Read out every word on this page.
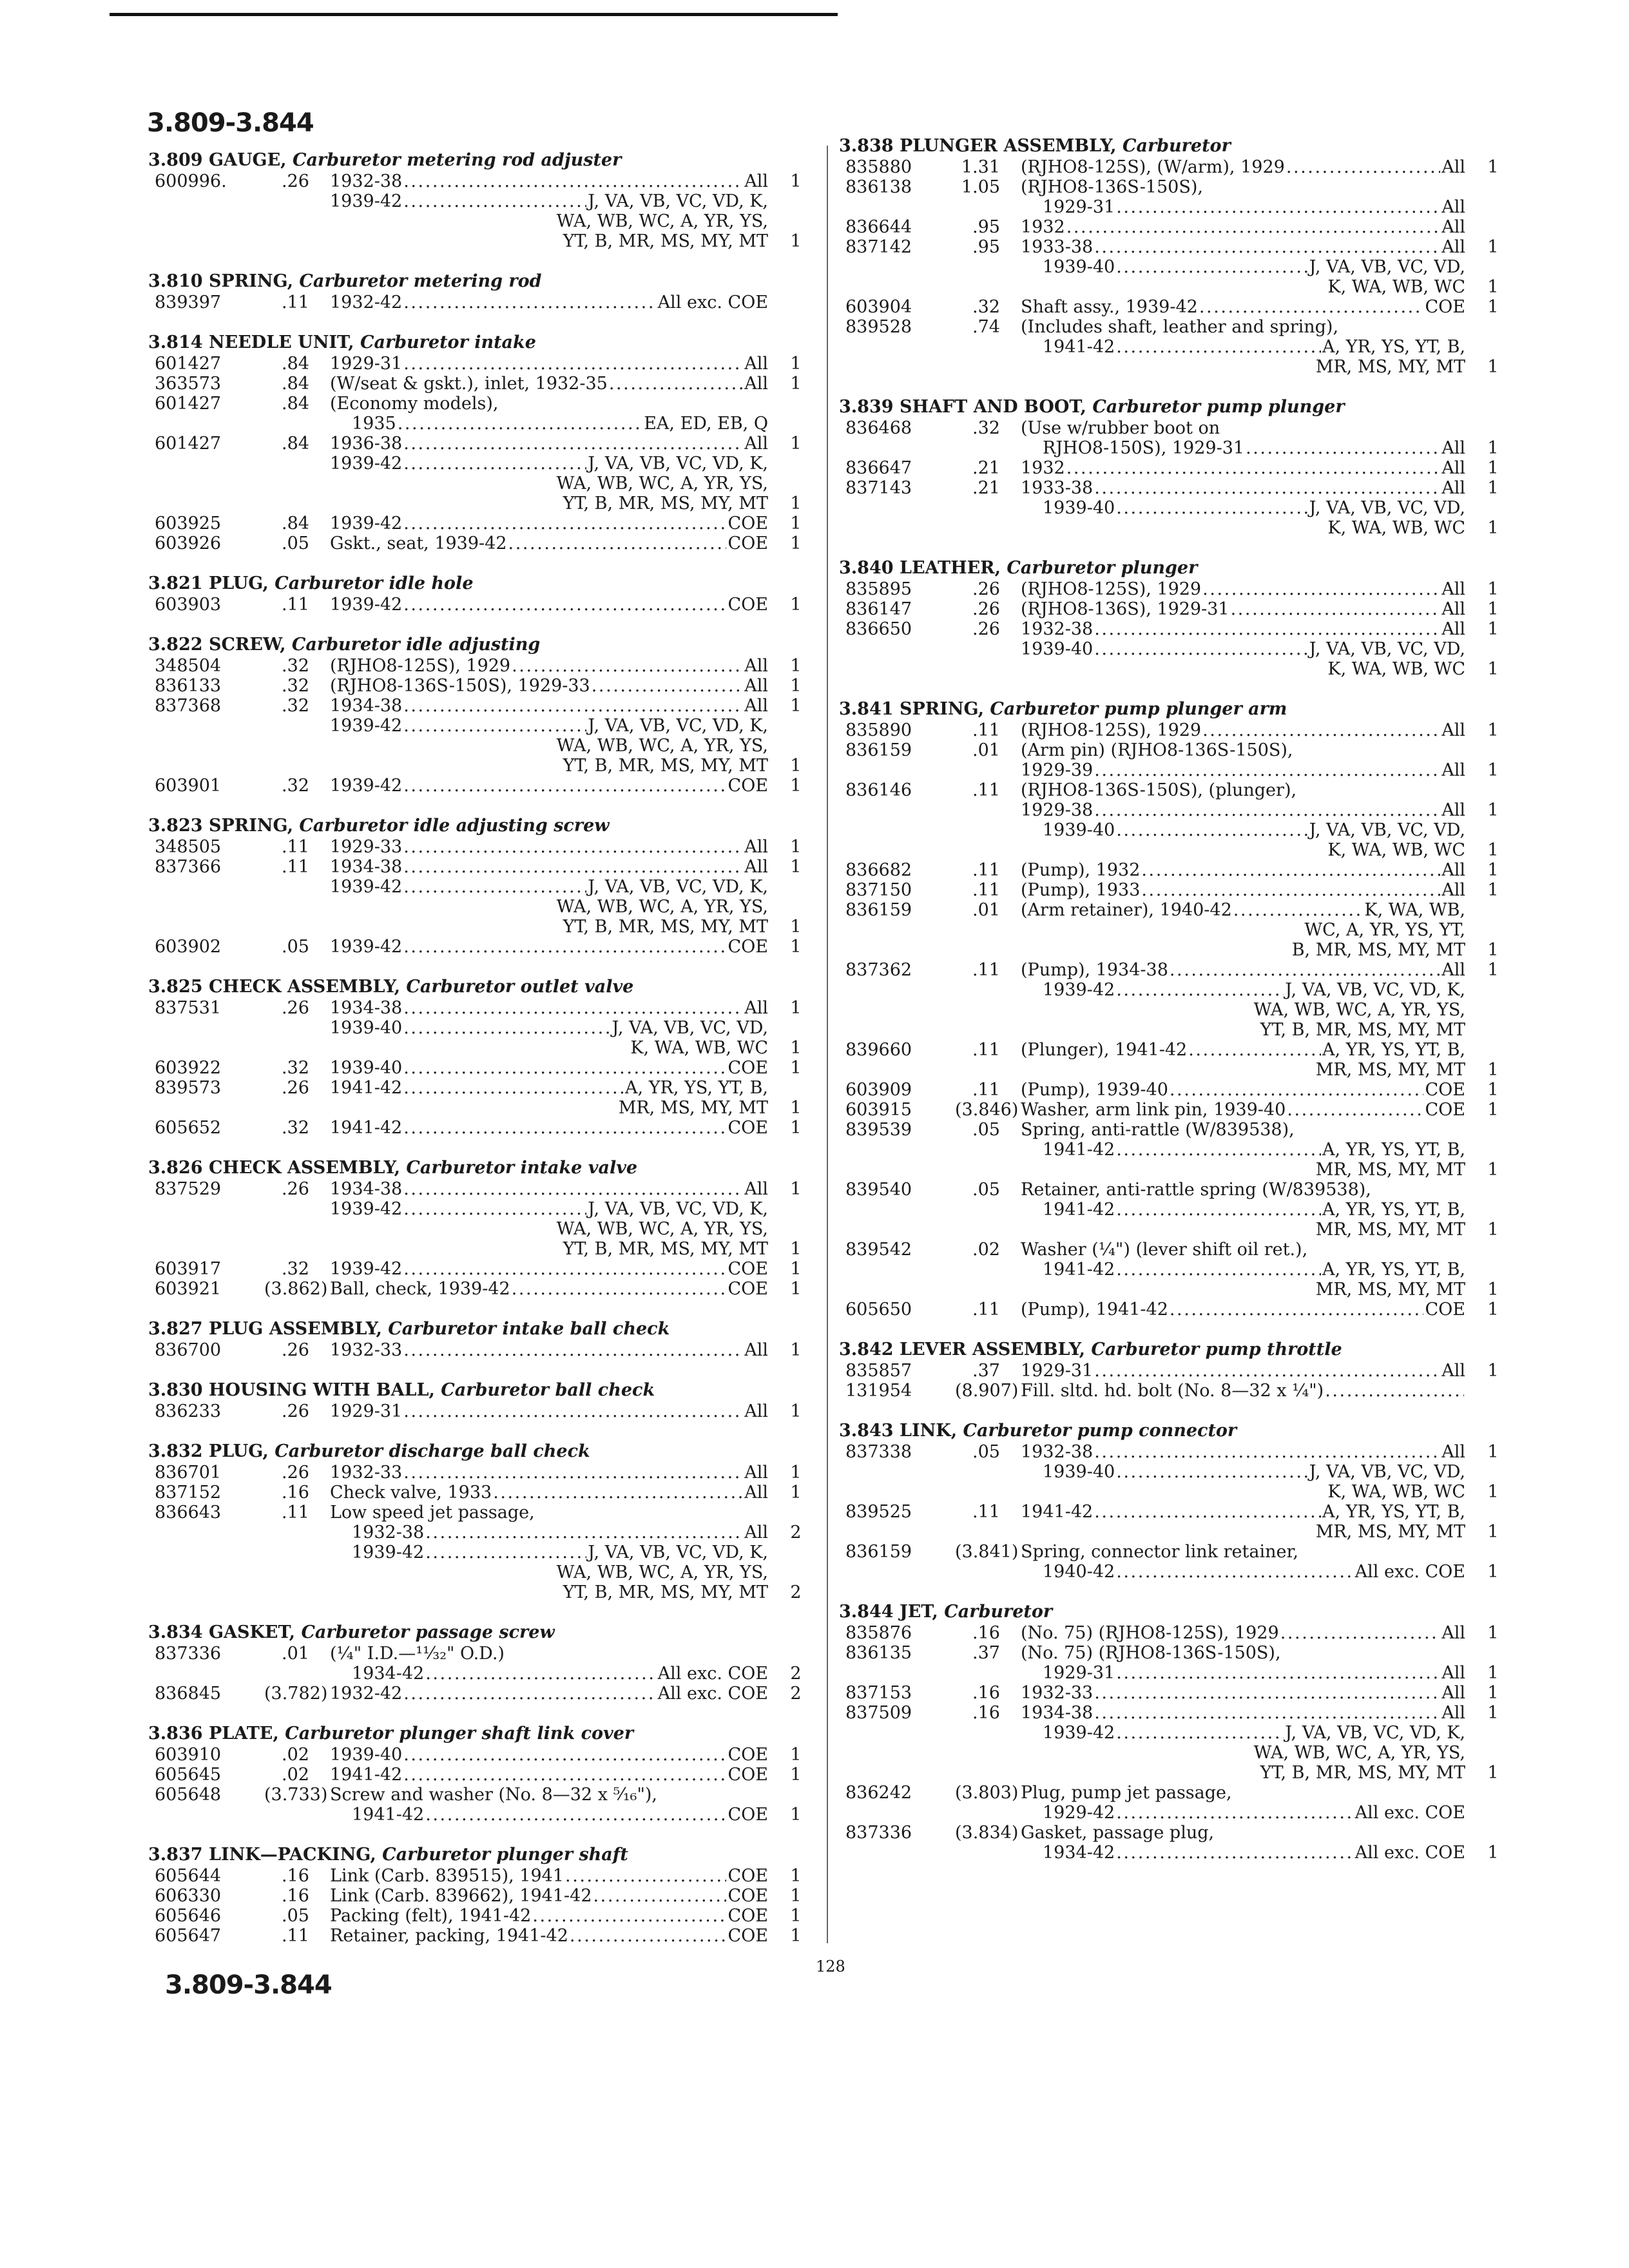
3.809-3.844
3.809 GAUGE, Carburetor metering rod adjuster
600996.	.26 1932-38 . . .	All 1
1939-42 . . .	J, VA, VB, VC, VD, K,
WA, WB, WC, A, YR, YS,
YT, B, MR, MS, MY, MT 1
3.810 SPRING, Carburetor metering rod
839397	.11 1932-42 . . .	All exc. COE
3.814 NEEDLE UNIT, Carburetor intake
601427	.84 1929-31 . . .	All 1
363573	.84 (W/seat & gskt.), inlet, 1932-35 . . .	All 1
601427	.84 (Economy models),
1935 . . .	EA, ED, EB, Q
601427	.84 1936-38 . . .	All 1
1939-42 . . .	J, VA, VB, VC, VD, K,
WA, WB, WC, A, YR, YS,
YT, B, MR, MS, MY, MT 1
603925	.84 1939-42 . . .	COE 1
603926	.05 Gskt., seat, 1939-42 . . .	COE 1
3.821 PLUG, Carburetor idle hole
603903	.11 1939-42 . . .	COE 1
3.822 SCREW, Carburetor idle adjusting
348504	.32 (RJHO8-125S), 1929 . . .	All 1
836133	.32 (RJHO8-136S-150S), 1929-33 . . .	All 1
837368	.32 1934-38 . . .	All 1
1939-42 . . .	J, VA, VB, VC, VD, K,
WA, WB, WC, A, YR, YS,
YT, B, MR, MS, MY, MT 1
603901	.32 1939-42 . . .	COE 1
3.823 SPRING, Carburetor idle adjusting screw
348505	.11 1929-33 . . .	All 1
837366	.11 1934-38 . . .	All 1
1939-42 . . .	J, VA, VB, VC, VD, K,
WA, WB, WC, A, YR, YS,
YT, B, MR, MS, MY, MT 1
603902	.05 1939-42 . . .	COE 1
3.825 CHECK ASSEMBLY, Carburetor outlet valve
837531	.26 1934-38 . . .	All 1
1939-40 . . .	J, VA, VB, VC, VD,
K, WA, WB, WC 1
603922	.32 1939-40 . . .	COE 1
839573	.26 1941-42 . . .	A, YR, YS, YT, B,
MR, MS, MY, MT 1
605652	.32 1941-42 . . .	COE 1
3.826 CHECK ASSEMBLY, Carburetor intake valve
837529	.26 1934-38 . . .	All 1
1939-42 . . .	J, VA, VB, VC, VD, K,
WA, WB, WC, A, YR, YS,
YT, B, MR, MS, MY, MT 1
603917	.32 1939-42 . . .	COE 1
603921	(3.862) Ball, check, 1939-42 . . .	COE 1
3.827 PLUG ASSEMBLY, Carburetor intake ball check
836700	.26 1932-33 . . .	All 1
3.830 HOUSING WITH BALL, Carburetor ball check
836233	.26 1929-31 . . .	All 1
3.832 PLUG, Carburetor discharge ball check
836701	.26 1932-33 . . .	All 1
837152	.16 Check valve, 1933 . . .	All 1
836643	.11 Low speed jet passage,
1932-38 . . .	All 2
1939-42 . . .	J, VA, VB, VC, VD, K,
WA, WB, WC, A, YR, YS,
YT, B, MR, MS, MY, MT 2
3.834 GASKET, Carburetor passage screw
837336	.01 (¼" I.D.—¹¹⁄₃₂" O.D.)
1934-42 . . .	All exc. COE 2
836845	(3.782) 1932-42 . . .	All exc. COE 2
3.836 PLATE, Carburetor plunger shaft link cover
603910	.02 1939-40 . . .	COE 1
605645	.02 1941-42 . . .	COE 1
605648	(3.733) Screw and washer (No. 8—32 x ⁵⁄₁₆"),
1941-42 . . .	COE 1
3.837 LINK—PACKING, Carburetor plunger shaft
605644	.16 Link (Carb. 839515), 1941 . . .	COE 1
606330	.16 Link (Carb. 839662), 1941-42 . . .	COE 1
605646	.05 Packing (felt), 1941-42 . . .	COE 1
605647	.11 Retainer, packing, 1941-42 . . .	COE 1
3.838 PLUNGER ASSEMBLY, Carburetor
835880	1.31 (RJHO8-125S), (W/arm), 1929 . . .	All 1
836138	1.05 (RJHO8-136S-150S),
1929-31 . . .	All
836644	.95 1932 . . .	All
837142	.95 1933-38 . . .	All 1
1939-40 . . .	J, VA, VB, VC, VD,
K, WA, WB, WC 1
603904	.32 Shaft assy., 1939-42 . . .	COE 1
839528	.74 (Includes shaft, leather and spring),
1941-42 . . .	A, YR, YS, YT, B,
MR, MS, MY, MT 1
3.839 SHAFT AND BOOT, Carburetor pump plunger
836468	.32 (Use w/rubber boot on
RJHO8-150S), 1929-31 . . .	All 1
836647	.21 1932 . . .	All 1
837143	.21 1933-38 . . .	All 1
1939-40 . . .	J, VA, VB, VC, VD,
K, WA, WB, WC 1
3.840 LEATHER, Carburetor plunger
835895	.26 (RJHO8-125S), 1929 . . .	All 1
836147	.26 (RJHO8-136S), 1929-31 . . .	All 1
836650	.26 1932-38 . . .	All 1
1939-40 . . .	J, VA, VB, VC, VD,
K, WA, WB, WC 1
3.841 SPRING, Carburetor pump plunger arm
835890	.11 (RJHO8-125S), 1929 . . .	All 1
836159	.01 (Arm pin) (RJHO8-136S-150S),
1929-39 . . .	All 1
836146	.11 (RJHO8-136S-150S), (plunger),
1929-38 . . .	All 1
1939-40 . . .	J, VA, VB, VC, VD,
K, WA, WB, WC 1
836682	.11 (Pump), 1932 . . .	All 1
837150	.11 (Pump), 1933 . . .	All 1
836159	.01 (Arm retainer), 1940-42 . . .	K, WA, WB,
WC, A, YR, YS, YT,
B, MR, MS, MY, MT 1
837362	.11 (Pump), 1934-38 . . .	All 1
1939-42 . . .	J, VA, VB, VC, VD, K,
WA, WB, WC, A, YR, YS,
YT, B, MR, MS, MY, MT
839660	.11 (Plunger), 1941-42 . . .	A, YR, YS, YT, B,
MR, MS, MY, MT 1
603909	.11 (Pump), 1939-40 . . .	COE 1
603915	(3.846) Washer, arm link pin, 1939-40 . . .	COE 1
839539	.05 Spring, anti-rattle (W/839538),
1941-42 . . .	A, YR, YS, YT, B,
MR, MS, MY, MT 1
839540	.05 Retainer, anti-rattle spring (W/839538),
1941-42 . . .	A, YR, YS, YT, B,
MR, MS, MY, MT 1
839542	.02 Washer (¼") (lever shift oil ret.),
1941-42 . . .	A, YR, YS, YT, B,
MR, MS, MY, MT 1
605650	.11 (Pump), 1941-42 . . .	COE 1
3.842 LEVER ASSEMBLY, Carburetor pump throttle
835857	.37 1929-31 . . .	All 1
131954	(8.907) Fill. sltd. hd. bolt (No. 8—32 x ¼")
. . .
3.843 LINK, Carburetor pump connector
837338	.05 1932-38 . . .	All 1
1939-40 . . .	J, VA, VB, VC, VD,
K, WA, WB, WC 1
839525	.11 1941-42 . . .	A, YR, YS, YT, B,
MR, MS, MY, MT 1
836159	(3.841) Spring, connector link retainer,
1940-42 . . .	All exc. COE 1
3.844 JET, Carburetor
835876	.16 (No. 75) (RJHO8-125S), 1929 . . .	All 1
836135	.37 (No. 75) (RJHO8-136S-150S),
1929-31 . . .	All 1
837153	.16 1932-33 . . .	All 1
837509	.16 1934-38 . . .	All 1
1939-42 . . .	J, VA, VB, VC, VD, K,
WA, WB, WC, A, YR, YS,
YT, B, MR, MS, MY, MT 1
836242	(3.803) Plug, pump jet passage,
1929-42 . . .	All exc. COE
837336	(3.834) Gasket, passage plug,
1934-42 . . .	All exc. COE 1
128
3.809-3.844
